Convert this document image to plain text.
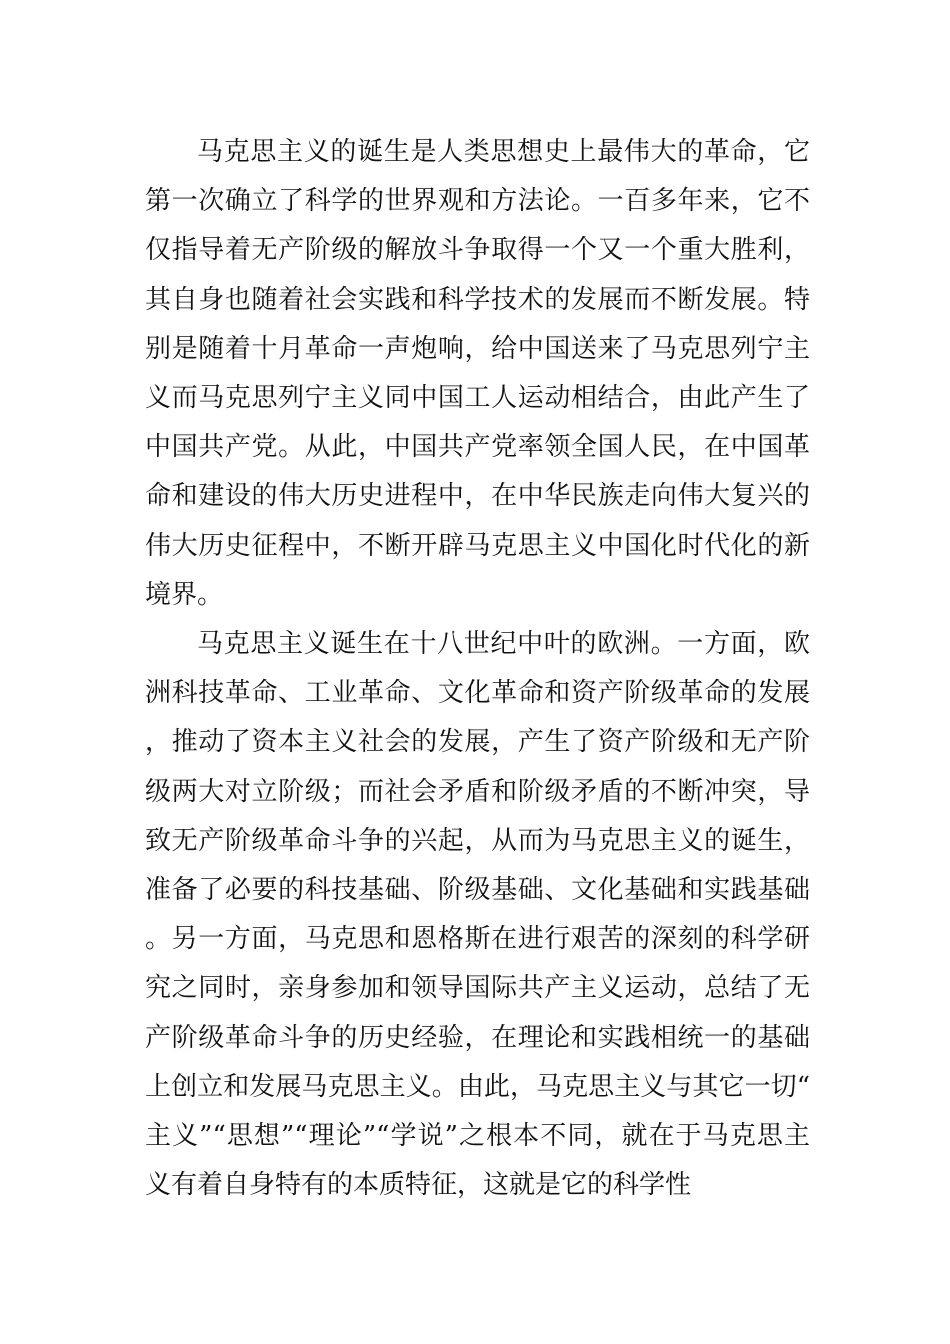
马克思主义的诞生是人类思想史上最伟大的革命，它第一次确立了科学的世界观和方法论。一百多年来，它不仅指导着无产阶级的解放斗争取得一个又一个重大胜利，其自身也随着社会实践和科学技术的发展而不断发展。特别是随着十月革命一声炮响，给中国送来了马克思列宁主义而马克思列宁主义同中国工人运动相结合，由此产生了中国共产党。从此，中国共产党率领全国人民，在中国革命和建设的伟大历史进程中，在中华民族走向伟大复兴的伟大历史征程中，不断开辟马克思主义中国化时代化的新境界。

马克思主义诞生在十八世纪中叶的欧洲。一方面，欧洲科技革命、工业革命、文化革命和资产阶级革命的发展，推动了资本主义社会的发展，产生了资产阶级和无产阶级两大对立阶级；而社会矛盾和阶级矛盾的不断冲突，导致无产阶级革命斗争的兴起，从而为马克思主义的诞生，准备了必要的科技基础、阶级基础、文化基础和实践基础。另一方面，马克思和恩格斯在进行艰苦的深刻的科学研究之同时，亲身参加和领导国际共产主义运动，总结了无产阶级革命斗争的历史经验，在理论和实践相统一的基础上创立和发展马克思主义。由此，马克思主义与其它一切“主义”“思想”“理论”“学说”之根本不同，就在于马克思主义有着自身特有的本质特征，这就是它的科学性
